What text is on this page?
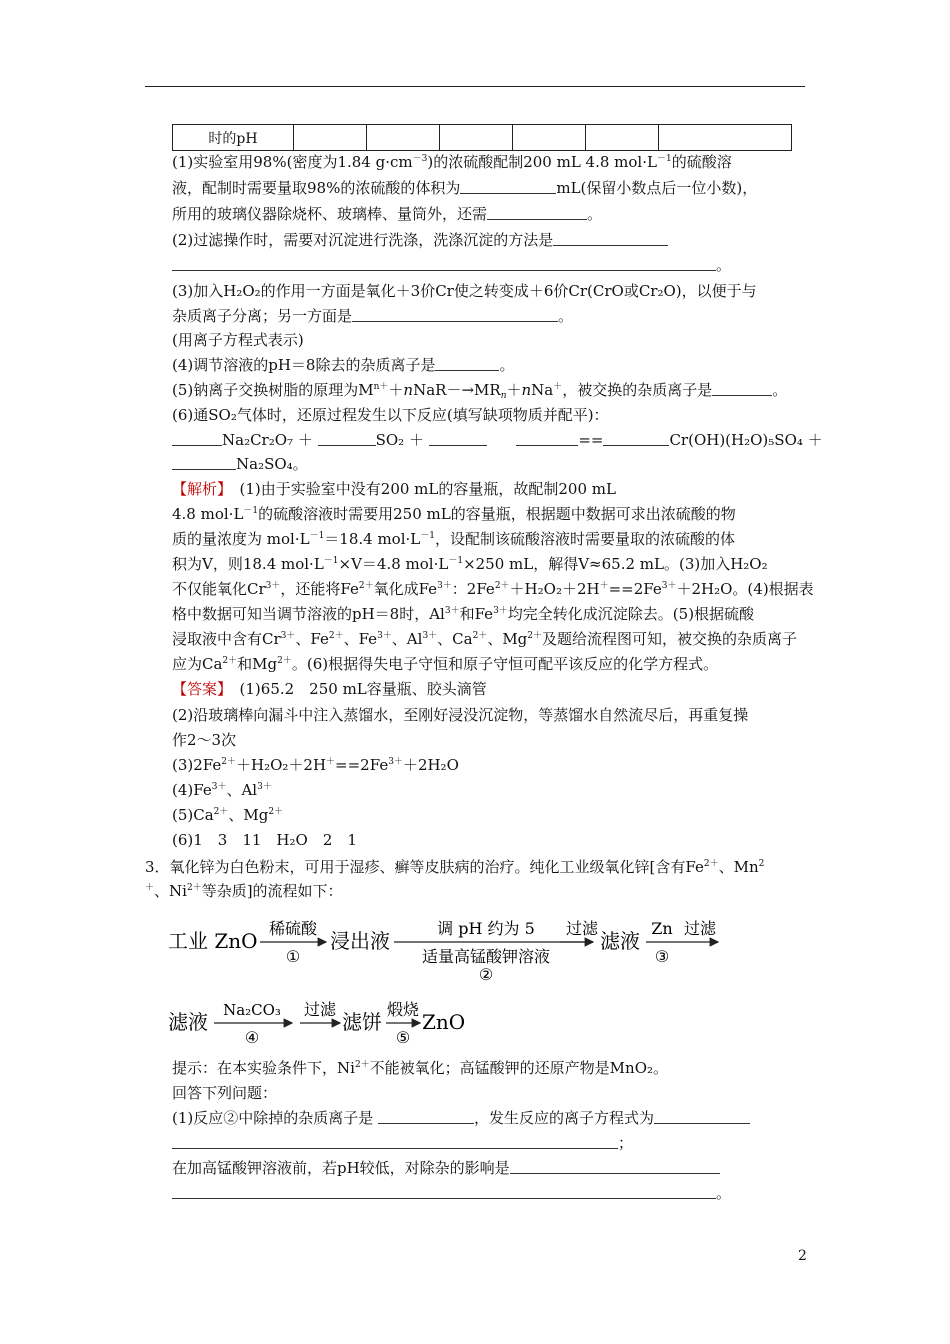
时的pH						
(1)实验室用98%(密度为1.84 $g\cdot cm^{-3}$)的浓硫酸配制200 mL 4.8 $mol\cdot L^{-1}$的硫酸溶
液，配制时需要量取98%的浓硫酸的体积为	mL(保留小数点后一位小数)，
所用的玻璃仪器除烧杯、玻璃棒、量筒外，还需	。
(2)过滤操作时，需要对沉淀进行洗涤，洗涤沉淀的方法是
。
(3)加入H₂O₂的作用一方面是氧化＋3价Cr使之转变成＋6价Cr(CrO或Cr₂O)，以便于与
杂质离子分离；另一方面是	。
(用离子方程式表示)
(4)调节溶液的pH＝8除去的杂质离子是	。
(5)钠离子交换树脂的原理为$M^{n+}+nNaR-\to MR_n+nNa^+$，被交换的杂质离子是	。
(6)通SO₂气体时，还原过程发生以下反应(填写缺项物质并配平)：
Na₂Cr₂O₇ ＋	SO₂ ＋	==	Cr(OH)(H₂O)₅SO₄ ＋
Na₂SO₄。
【解析】　 (1)由于实验室中没有200 mL的容量瓶，故配制200 mL
4.8 $mol\cdot L^{-1}$的硫酸溶液时需要用250 mL的容量瓶，根据题中数据可求出浓硫酸的物
质的量浓度为 $mol\cdot L^{-1}=18.4$ $mol\cdot L^{-1}$，设配制该硫酸溶液时需要量取的浓硫酸的体
积为V，则18.4 $mol\cdot L^{-1}\times V=4.8$ $mol\cdot L^{-1}\times 250$ mL，解得V≈65.2 mL。(3)加入H₂O₂
不仅能氧化$Cr^{3+}$，还能将$Fe^{2+}$氧化成$Fe^{3+}$：$2Fe^{2+}+H_2O_2+2H^+==2Fe^{3+}+2H_2O$。(4)根据表
格中数据可知当调节溶液的pH＝8时，$Al^{3+}$和$Fe^{3+}$均完全转化成沉淀除去。(5)根据硫酸
浸取液中含有$Cr^{3+}$、$Fe^{2+}$、$Fe^{3+}$、$Al^{3+}$、$Ca^{2+}$、$Mg^{2+}$及题给流程图可知，被交换的杂质离子
应为$Ca^{2+}$和$Mg^{2+}$。(6)根据得失电子守恒和原子守恒可配平该反应的化学方程式。
【答案】　 (1)65.2　250 mL容量瓶、胶头滴管
(2)沿玻璃棒向漏斗中注入蒸馏水，至刚好浸没沉淀物，等蒸馏水自然流尽后，再重复操
作2～3次
$(3)2Fe^{2+}+H_2O_2+2H^+==2Fe^{3+}+2H_2O$
$(4)Fe^{3+}$、$Al^{3+}$
$(5)Ca^{2+}$、$Mg^{2+}$
(6)1　3　11　H₂O　2　1
3．氧化锌为白色粉末，可用于湿疹、癣等皮肤病的治疗。纯化工业级氧化锌[含有$Fe^{2+}$、Mn$^2$
＋、$Ni^{2+}$等杂质]的流程如下：
工业 ZnO
稀硫酸
①
浸出液
调 pH 约为 5
适量高锰酸钾溶液
②
过滤
滤液
Zn
③
过滤
滤液 Na₂CO₃
④
过滤
滤饼
煅烧
⑤
ZnO
提示：在本实验条件下，$Ni^{2+}$不能被氧化；高锰酸钾的还原产物是MnO₂。
回答下列问题：
(1)反应②中除掉的杂质离子是	，发生反应的离子方程式为
；
在加高锰酸钾溶液前，若pH较低，对除杂的影响是
。
2
